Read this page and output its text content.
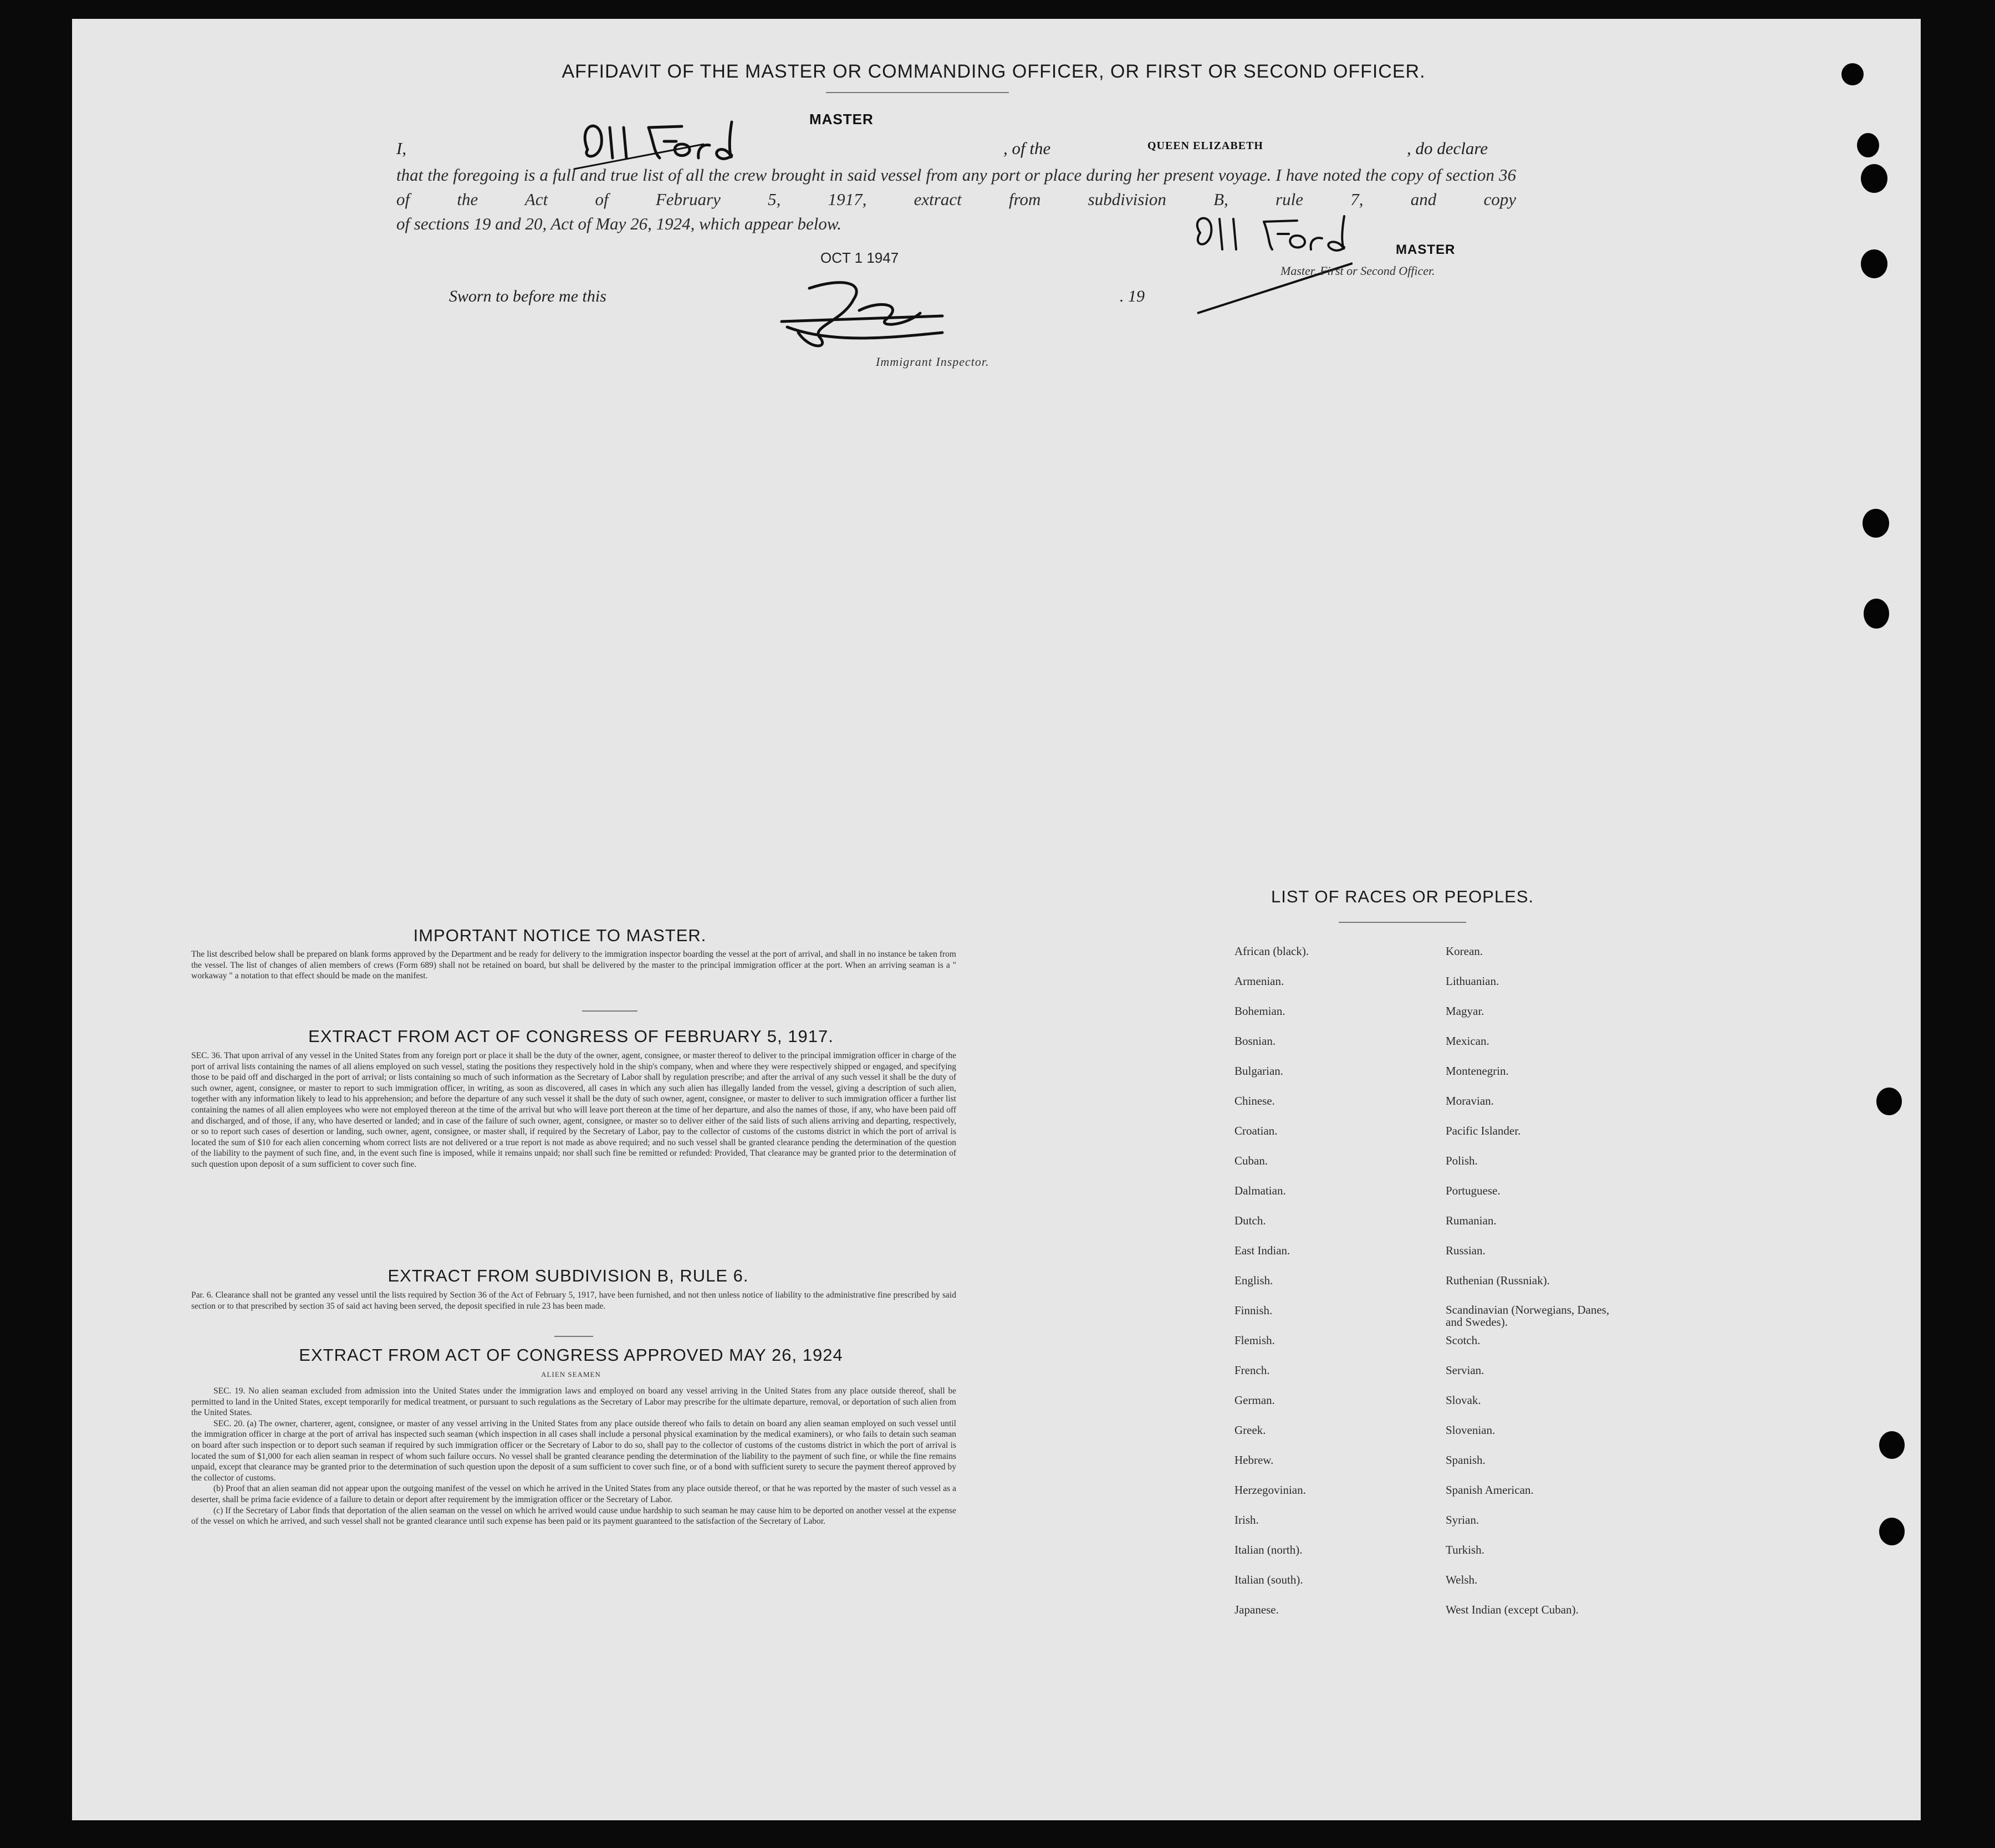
AFFIDAVIT OF THE MASTER OR COMMANDING OFFICER, OR FIRST OR SECOND OFFICER.
MASTER
I,	, of the	QUEEN ELIZABETH	, do declare

that the foregoing is a full and true list of all the crew brought in said vessel from any port or place during her present voyage. I have noted the copy of section 36 of the Act of February 5, 1917, extract from subdivision B, rule 7, and copy
of sections 19 and 20, Act of May 26, 1924, which appear below.

MASTER
Master, First or Second Officer.
Sworn to before me this
OCT 1 1947
. 19
Immigrant Inspector.
IMPORTANT NOTICE TO MASTER.

The list described below shall be prepared on blank forms approved by the Department and be ready for delivery to the immigration inspector boarding the vessel at the port of arrival, and shall in no instance be taken from the vessel. The list of changes of alien members of crews (Form 689) shall not be retained on board, but shall be delivered by the master to the principal immigration officer at the port. When an arriving seaman is a " workaway " a notation to that effect should be made on the manifest.

EXTRACT FROM ACT OF CONGRESS OF FEBRUARY 5, 1917.

SEC. 36. That upon arrival of any vessel in the United States from any foreign port or place it shall be the duty of the owner, agent, consignee, or master thereof to deliver to the principal immigration officer in charge of the port of arrival lists containing the names of all aliens employed on such vessel, stating the positions they respectively hold in the ship's company, when and where they were respectively shipped or engaged, and specifying those to be paid off and discharged in the port of arrival; or lists containing so much of such information as the Secretary of Labor shall by regulation prescribe; and after the arrival of any such vessel it shall be the duty of such owner, agent, consignee, or master to report to such immigration officer, in writing, as soon as discovered, all cases in which any such alien has illegally landed from the vessel, giving a description of such alien, together with any information likely to lead to his apprehension; and before the departure of any such vessel it shall be the duty of such owner, agent, consignee, or master to deliver to such immigration officer a further list containing the names of all alien employees who were not employed thereon at the time of the arrival but who will leave port thereon at the time of her departure, and also the names of those, if any, who have been paid off and discharged, and of those, if any, who have deserted or landed; and in case of the failure of such owner, agent, consignee, or master so to deliver either of the said lists of such aliens arriving and departing, respectively, or so to report such cases of desertion or landing, such owner, agent, consignee, or master shall, if required by the Secretary of Labor, pay to the collector of customs of the customs district in which the port of arrival is located the sum of $10 for each alien concerning whom correct lists are not delivered or a true report is not made as above required; and no such vessel shall be granted clearance pending the determination of the question of the liability to the payment of such fine, and, in the event such fine is imposed, while it remains unpaid; nor shall such fine be remitted or refunded: Provided, That clearance may be granted prior to the determination of such question upon deposit of a sum sufficient to cover such fine.

EXTRACT FROM SUBDIVISION B, RULE 6.

Par. 6. Clearance shall not be granted any vessel until the lists required by Section 36 of the Act of February 5, 1917, have been furnished, and not then unless notice of liability to the administrative fine prescribed by said section or to that prescribed by section 35 of said act having been served, the deposit specified in rule 23 has been made.

EXTRACT FROM ACT OF CONGRESS APPROVED MAY 26, 1924
ALIEN SEAMEN

SEC. 19. No alien seaman excluded from admission into the United States under the immigration laws and employed on board any vessel arriving in the United States from any place outside thereof, shall be permitted to land in the United States, except temporarily for medical treatment, or pursuant to such regulations as the Secretary of Labor may prescribe for the ultimate departure, removal, or deportation of such alien from the United States.

SEC. 20. (a) The owner, charterer, agent, consignee, or master of any vessel arriving in the United States from any place outside thereof who fails to detain on board any alien seaman employed on such vessel until the immigration officer in charge at the port of arrival has inspected such seaman (which inspection in all cases shall include a personal physical examination by the medical examiners), or who fails to detain such seaman on board after such inspection or to deport such seaman if required by such immigration officer or the Secretary of Labor to do so, shall pay to the collector of customs of the customs district in which the port of arrival is located the sum of $1,000 for each alien seaman in respect of whom such failure occurs. No vessel shall be granted clearance pending the determination of the liability to the payment of such fine, or while the fine remains unpaid, except that clearance may be granted prior to the determination of such question upon the deposit of a sum sufficient to cover such fine, or of a bond with sufficient surety to secure the payment thereof approved by the collector of customs.

(b) Proof that an alien seaman did not appear upon the outgoing manifest of the vessel on which he arrived in the United States from any place outside thereof, or that he was reported by the master of such vessel as a deserter, shall be prima facie evidence of a failure to detain or deport after requirement by the immigration officer or the Secretary of Labor.

(c) If the Secretary of Labor finds that deportation of the alien seaman on the vessel on which he arrived would cause undue hardship to such seaman he may cause him to be deported on another vessel at the expense of the vessel on which he arrived, and such vessel shall not be granted clearance until such expense has been paid or its payment guaranteed to the satisfaction of the Secretary of Labor.

LIST OF RACES OR PEOPLES.

African (black).

Armenian.

Bohemian.

Bosnian.

Bulgarian.

Chinese.

Croatian.

Cuban.

Dalmatian.

Dutch.

East Indian.

English.

Finnish.

Flemish.

French.

German.

Greek.

Hebrew.

Herzegovinian.

Irish.

Italian (north).

Italian (south).

Japanese.

Korean.

Lithuanian.

Magyar.

Mexican.

Montenegrin.

Moravian.

Pacific Islander.

Polish.

Portuguese.

Rumanian.

Russian.

Ruthenian (Russniak).

Scandinavian (Norwegians, Danes, and Swedes).

Scotch.

Servian.

Slovak.

Slovenian.

Spanish.

Spanish American.

Syrian.

Turkish.

Welsh.

West Indian (except Cuban).
